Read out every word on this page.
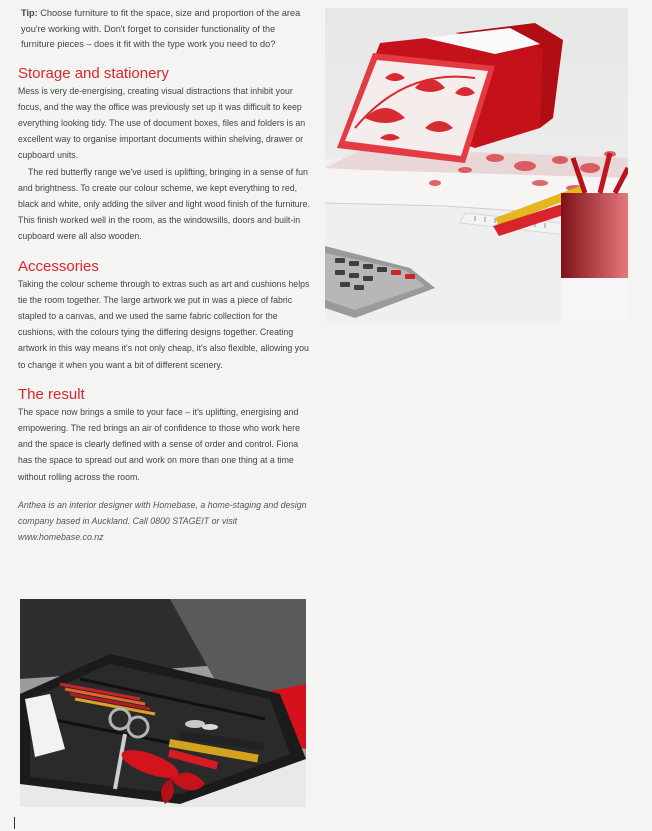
Tip: Choose furniture to fit the space, size and proportion of the area you're working with. Don't forget to consider functionality of the furniture pieces – does it fit with the type work you need to do?

Storage and stationery

Mess is very de-energising, creating visual distractions that inhibit your focus, and the way the office was previously set up it was difficult to keep everything looking tidy. The use of document boxes, files and folders is an excellent way to organise important documents within shelving, drawer or cupboard units.

The red butterfly range we've used is uplifting, bringing in a sense of fun and brightness. To create our colour scheme, we kept everything to red, black and white, only adding the silver and light wood finish of the furniture. This finish worked well in the room, as the windowsills, doors and built-in cupboard were all also wooden.

Accessories

Taking the colour scheme through to extras such as art and cushions helps tie the room together. The large artwork we put in was a piece of fabric stapled to a canvas, and we used the same fabric collection for the cushions, with the colours tying the differing designs together. Creating artwork in this way means it's not only cheap, it's also flexible, allowing you to change it when you want a bit of different scenery.

The result

The space now brings a smile to your face – it's uplifting, energising and empowering. The red brings an air of confidence to those who work here and the space is clearly defined with a sense of order and control. Fiona has the space to spread out and work on more than one thing at a time without rolling across the room.

Anthea is an interior designer with Homebase, a home-staging and design company based in Auckland. Call 0800 STAGEIT or visit www.homebase.co.nz
